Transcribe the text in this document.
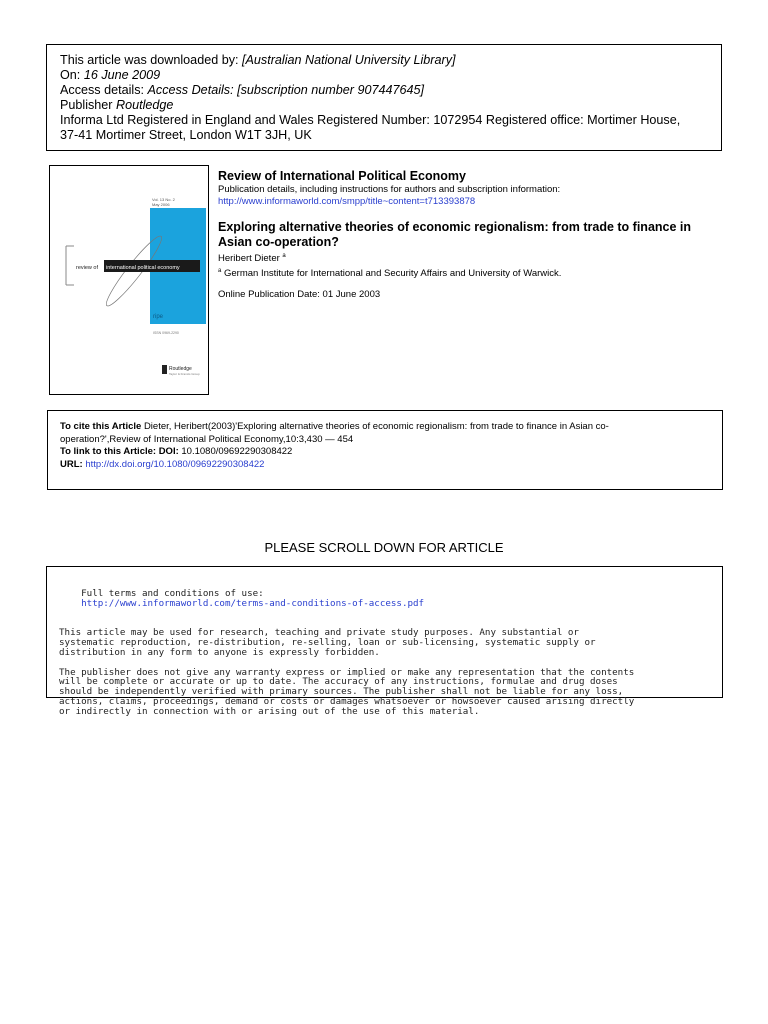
This article was downloaded by: [Australian National University Library]
On: 16 June 2009
Access details: Access Details: [subscription number 907447645]
Publisher Routledge
Informa Ltd Registered in England and Wales Registered Number: 1072954 Registered office: Mortimer House,
37-41 Mortimer Street, London W1T 3JH, UK
Vol. 13 No. 2
May 2006
review of international political economy
ripe
ISSN 0969-2290
Routledge
Taylor & Francis Group
Review of International Political Economy
Publication details, including instructions for authors and subscription information:
http://www.informaworld.com/smpp/title~content=t713393878
Exploring alternative theories of economic regionalism: from trade to finance in Asian co-operation?
Heribert Dieter $^a$
$^a$ German Institute for International and Security Affairs and University of Warwick.
Online Publication Date: 01 June 2003
To cite this Article Dieter, Heribert(2003)'Exploring alternative theories of economic regionalism: from trade to finance in Asian co-
operation?',Review of International Political Economy,10:3,430 — 454
To link to this Article: DOI: 10.1080/09692290308422
URL: http://dx.doi.org/10.1080/09692290308422
PLEASE SCROLL DOWN FOR ARTICLE

Full terms and conditions of use:
http://www.informaworld.com/terms-and-conditions-of-access.pdf

This article may be used for research, teaching and private study purposes. Any substantial or
systematic reproduction, re-distribution, re-selling, loan or sub-licensing, systematic supply or
distribution in any form to anyone is expressly forbidden.
The publisher does not give any warranty express or implied or make any representation that the contents
will be complete or accurate or up to date. The accuracy of any instructions, formulae and drug doses
should be independently verified with primary sources. The publisher shall not be liable for any loss,
actions, claims, proceedings, demand or costs or damages whatsoever or howsoever caused arising directly
or indirectly in connection with or arising out of the use of this material.
